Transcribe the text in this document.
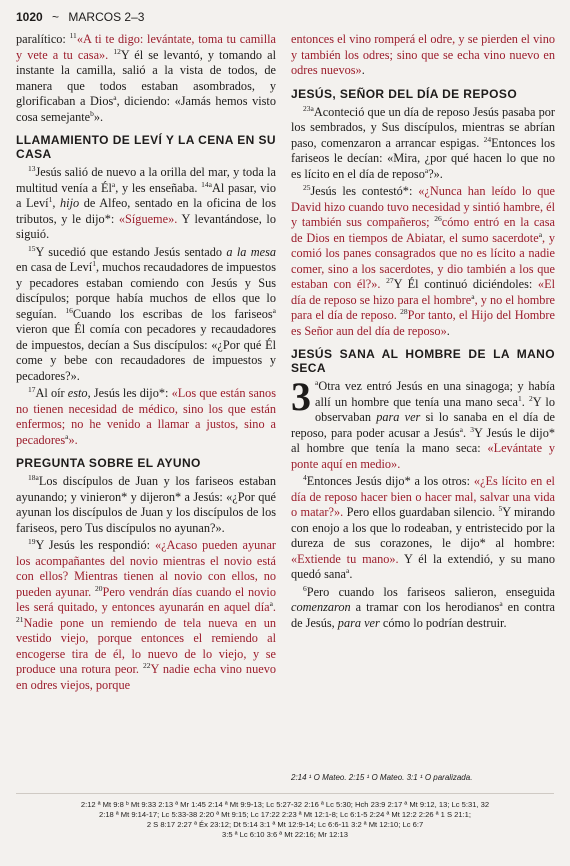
1020 ~ MARCOS 2–3

paralítico: $^{11}$«A ti te digo: levántate, toma tu camilla y vete a tu casa». $^{12}$Y él se levantó, y tomando al instante la camilla, salió a la vista de todos, de manera que todos estaban asombrados, y glorificaban a Dios$^a$, diciendo: «Jamás hemos visto cosa semejante$^b$».

LLAMAMIENTO DE LEVÍ Y LA CENA EN SU CASA

$^{13}$Jesús salió de nuevo a la orilla del mar, y toda la multitud venía a $Él^a$, y les enseñaba. $^{14a}$Al pasar, vio a Leví$^1$, hijo de Alfeo, sentado en la oficina de los tributos, y le dijo*: «Sígueme». Y levantándose, lo siguió.

$^{15}$Y sucedió que estando Jesús sentado a la mesa en casa de Leví$^1$, muchos recaudadores de impuestos y pecadores estaban comiendo con Jesús y Sus discípulos; porque había muchos de ellos que lo seguían. $^{16}$Cuando los escribas de los fariseos$^a$ vieron que Él comía con pecadores y recaudadores de impuestos, decían a Sus discípulos: «¿Por qué Él come y bebe con recaudadores de impuestos y pecadores?».

$^{17}$Al oír esto, Jesús les dijo*: «Los que están sanos no tienen necesidad de médico, sino los que están enfermos; no he venido a llamar a justos, sino a pecadores$^a$».

PREGUNTA SOBRE EL AYUNO

$^{18a}$Los discípulos de Juan y los fariseos estaban ayunando; y vinieron* y dijeron* a Jesús: «¿Por qué ayunan los discípulos de Juan y los discípulos de los fariseos, pero Tus discípulos no ayunan?».

$^{19}$Y Jesús les respondió: «¿Acaso pueden ayunar los acompañantes del novio mientras el novio está con ellos? Mientras tienen al novio con ellos, no pueden ayunar. $^{20}$Pero vendrán días cuando el novio les será quitado, y entonces ayunarán en aquel día$^a$. $^{21}$Nadie pone un remiendo de tela nueva en un vestido viejo, porque entonces el remiendo al encogerse tira de él, lo nuevo de lo viejo, y se produce una rotura peor. $^{22}$Y nadie echa vino nuevo en odres viejos, porque

entonces el vino romperá el odre, y se pierden el vino y también los odres; sino que se echa vino nuevo en odres nuevos».

JESÚS, SEÑOR DEL DÍA DE REPOSO

$^{23a}$Aconteció que un día de reposo Jesús pasaba por los sembrados, y Sus discípulos, mientras se abrían paso, comenzaron a arrancar espigas. $^{24}$Entonces los fariseos le decían: «Mira, ¿por qué hacen lo que no es lícito en el día de reposo$^a$?».

$^{25}$Jesús les contestó*: «¿Nunca han leído lo que David hizo cuando tuvo necesidad y sintió hambre, él y también sus compañeros; $^{26}$cómo entró en la casa de Dios en tiempos de Abiatar, el sumo sacerdote$^a$, y comió los panes consagrados que no es lícito a nadie comer, sino a los sacerdotes, y dio también a los que estaban con él?». $^{27}$Y Él continuó diciéndoles: «El día de reposo se hizo para el hombre$^a$, y no el hombre para el día de reposo. $^{28}$Por tanto, el Hijo del Hombre es Señor aun del día de reposo».

JESÚS SANA AL HOMBRE DE LA MANO SECA

3 $^a$Otra vez entró Jesús en una sinagoga; y había allí un hombre que tenía una mano seca$^1$. $^2$Y lo observaban para ver si lo sanaba en el día de reposo, para poder acusar a Jesús$^a$. $^3$Y Jesús le dijo* al hombre que tenía la mano seca: «Levántate y ponte aquí en medio».

$^4$Entonces Jesús dijo* a los otros: «¿Es lícito en el día de reposo hacer bien o hacer mal, salvar una vida o matar?». Pero ellos guardaban silencio. $^5$Y mirando con enojo a los que lo rodeaban, y entristecido por la dureza de sus corazones, le dijo* al hombre: «Extiende tu mano». Y él la extendió, y su mano quedó sana$^a$.

$^6$Pero cuando los fariseos salieron, enseguida comenzaron a tramar con los herodianos$^a$ en contra de Jesús, para ver cómo lo podrían destruir.

2:14 ¹ O Mateo. 2:15 ¹ O Mateo. 3:1 ¹ O paralizada.
2:12 ª Mt 9:8 ᵇ Mt 9:33 2:13 ª Mr 1:45 2:14 ª Mt 9:9-13; Lc 5:27-32 2:16 ª Lc 5:30; Hch 23:9 2:17 ª Mt 9:12, 13; Lc 5:31, 32
2:18 ª Mt 9:14-17; Lc 5:33-38 2:20 ª Mt 9:15; Lc 17:22 2:23 ª Mt 12:1-8; Lc 6:1-5 2:24 ª Mt 12:2 2:26 ª 1 S 21:1;
2 S 8:17 2:27 ª Éx 23:12; Dt 5:14 3:1 ª Mt 12:9-14; Lc 6:6-11 3:2 ª Mt 12:10; Lc 6:7
3:5 ª Lc 6:10 3:6 ª Mt 22:16; Mr 12:13
